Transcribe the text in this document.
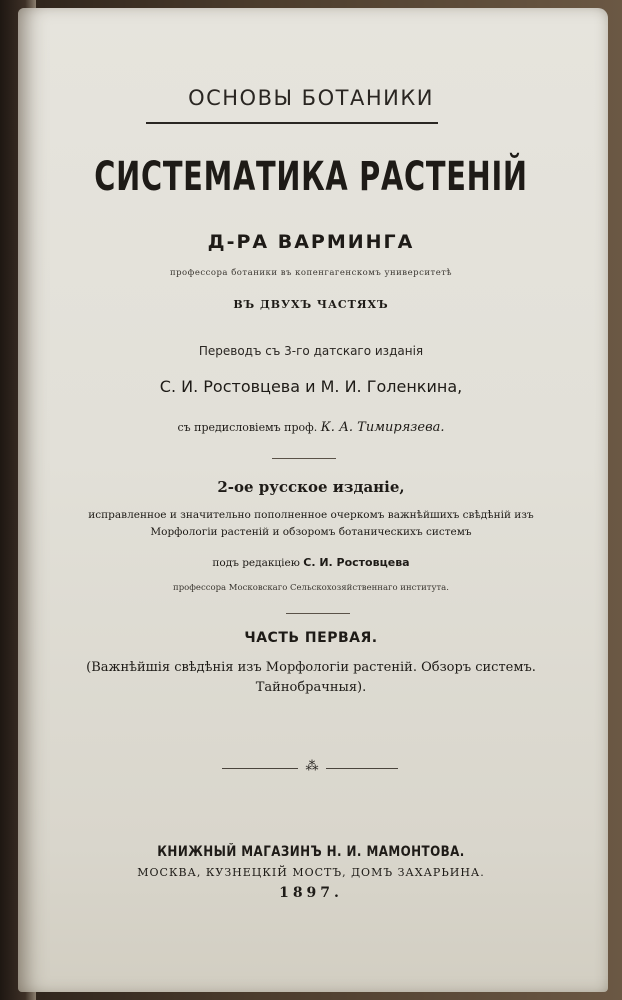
ОСНОВЫ БОТАНИКИ
СИСТЕМАТИКА РАСТЕНІЙ
Д-РА ВАРМИНГА
профессора ботаники въ копенгагенскомъ университетѣ
ВЪ ДВУХЪ ЧАСТЯХЪ
Переводъ съ 3-го датскаго изданія
С. И. Ростовцева и М. И. Голенкина,
съ предисловіемъ проф. К. А. Тимирязева.
2-ое русское изданіе,
исправленное и значительно пополненное очеркомъ важнѣйшихъ свѣдѣній изъ
Морфологіи растеній и обзоромъ ботаническихъ системъ
подъ редакціею С. И. Ростовцева
профессора Московскаго Сельскохозяйственнаго института.
ЧАСТЬ ПЕРВАЯ.
(Важнѣйшія свѣдѣнія изъ Морфологіи растеній. Обзоръ системъ.
Тайнобрачныя).
⁂
КНИЖНЫЙ МАГАЗИНЪ Н. И. МАМОНТОВА.
МОСКВА, КУЗНЕЦКІЙ МОСТЪ, ДОМЪ ЗАХАРЬИНА.
1897.
